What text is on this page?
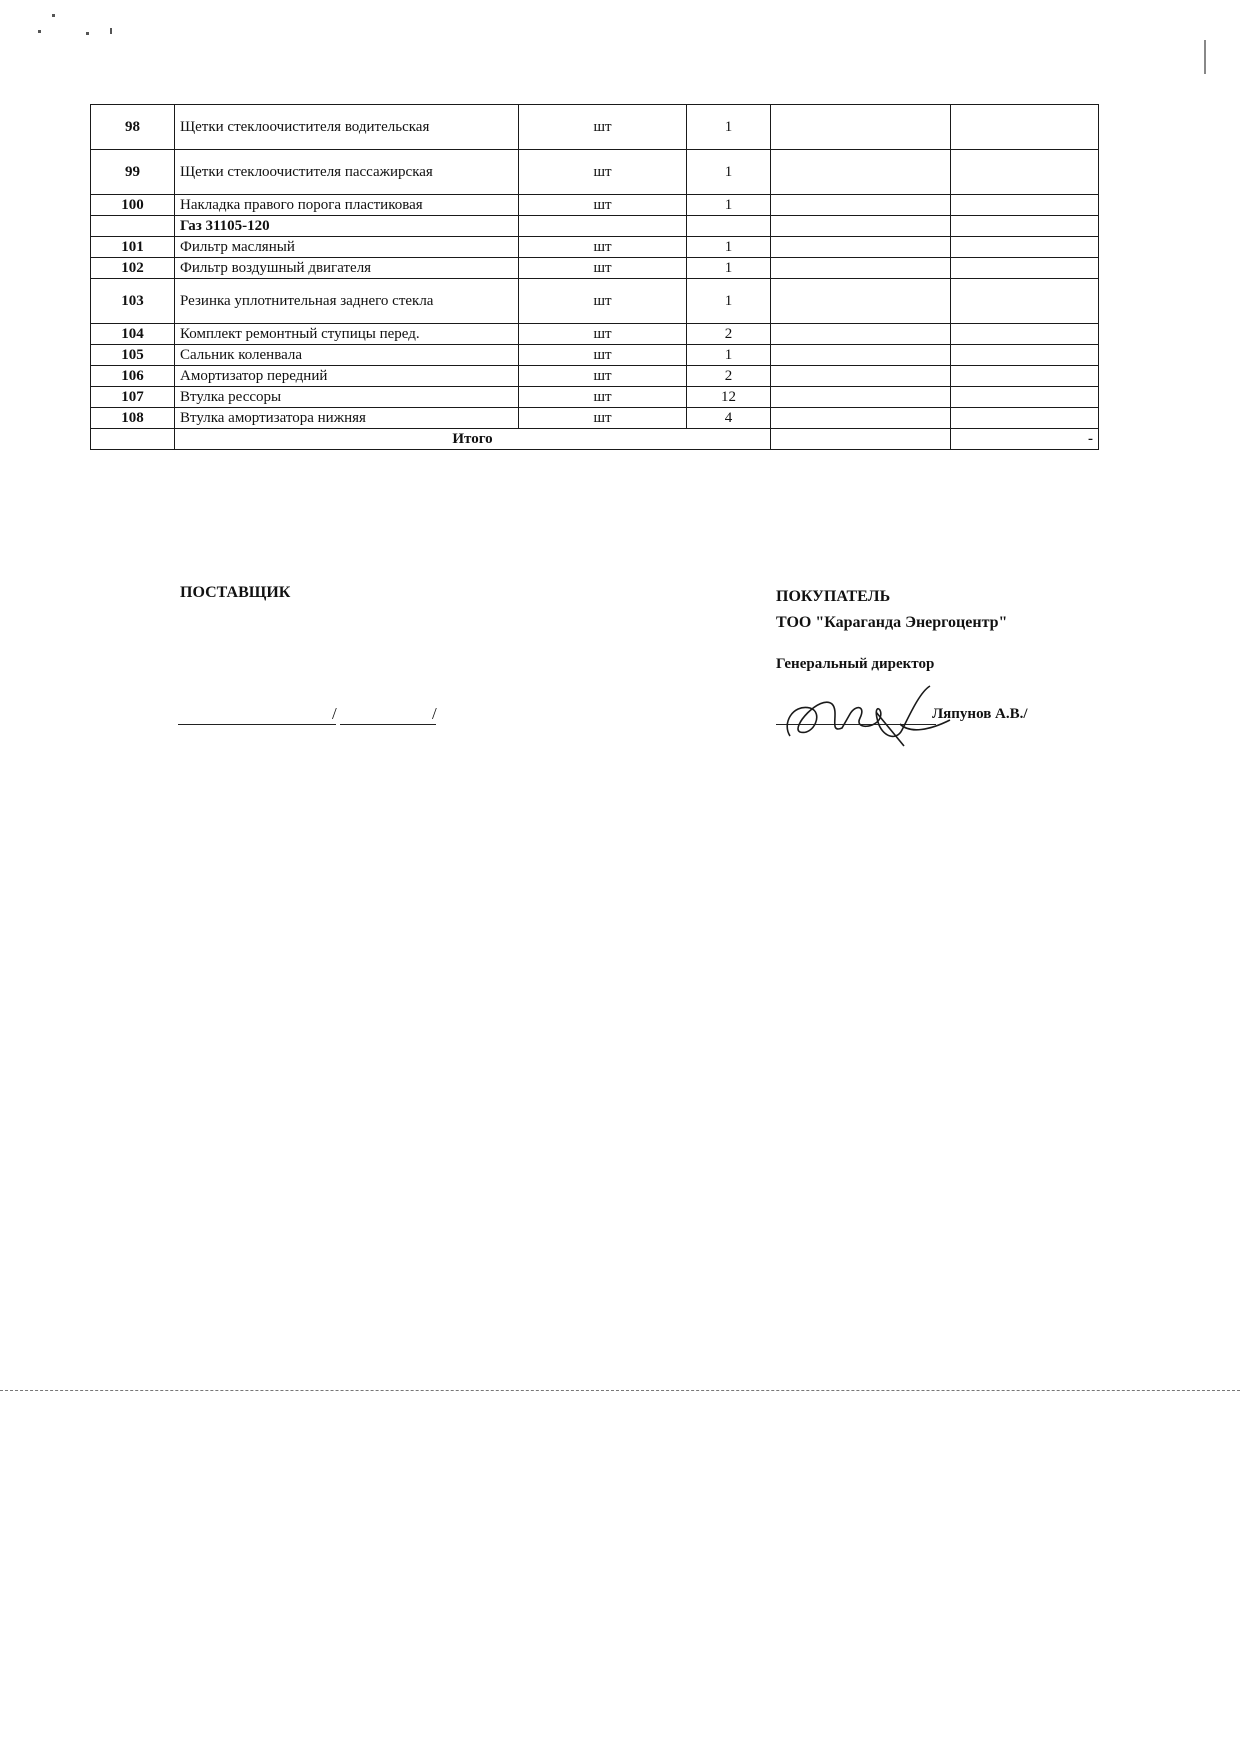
98	Щетки стеклоочистителя водительская	шт	1		
99	Щетки стеклоочистителя пассажирская	шт	1		
100	Накладка правого порога пластиковая	шт	1		
	Газ 31105-120				
101	Фильтр масляный	шт	1		
102	Фильтр воздушный двигателя	шт	1		
103	Резинка уплотнительная заднего стекла	шт	1		
104	Комплект ремонтный ступицы перед.	шт	2		
105	Сальник коленвала	шт	1		
106	Амортизатор передний	шт	2		
107	Втулка рессоры	шт	12		
108	Втулка амортизатора нижняя	шт	4		
	Итого				-
ПОСТАВЩИК
/	/
ПОКУПАТЕЛЬ
ТОО "Караганда Энергоцентр"
Генеральный директор
Ляпунов А.В./
